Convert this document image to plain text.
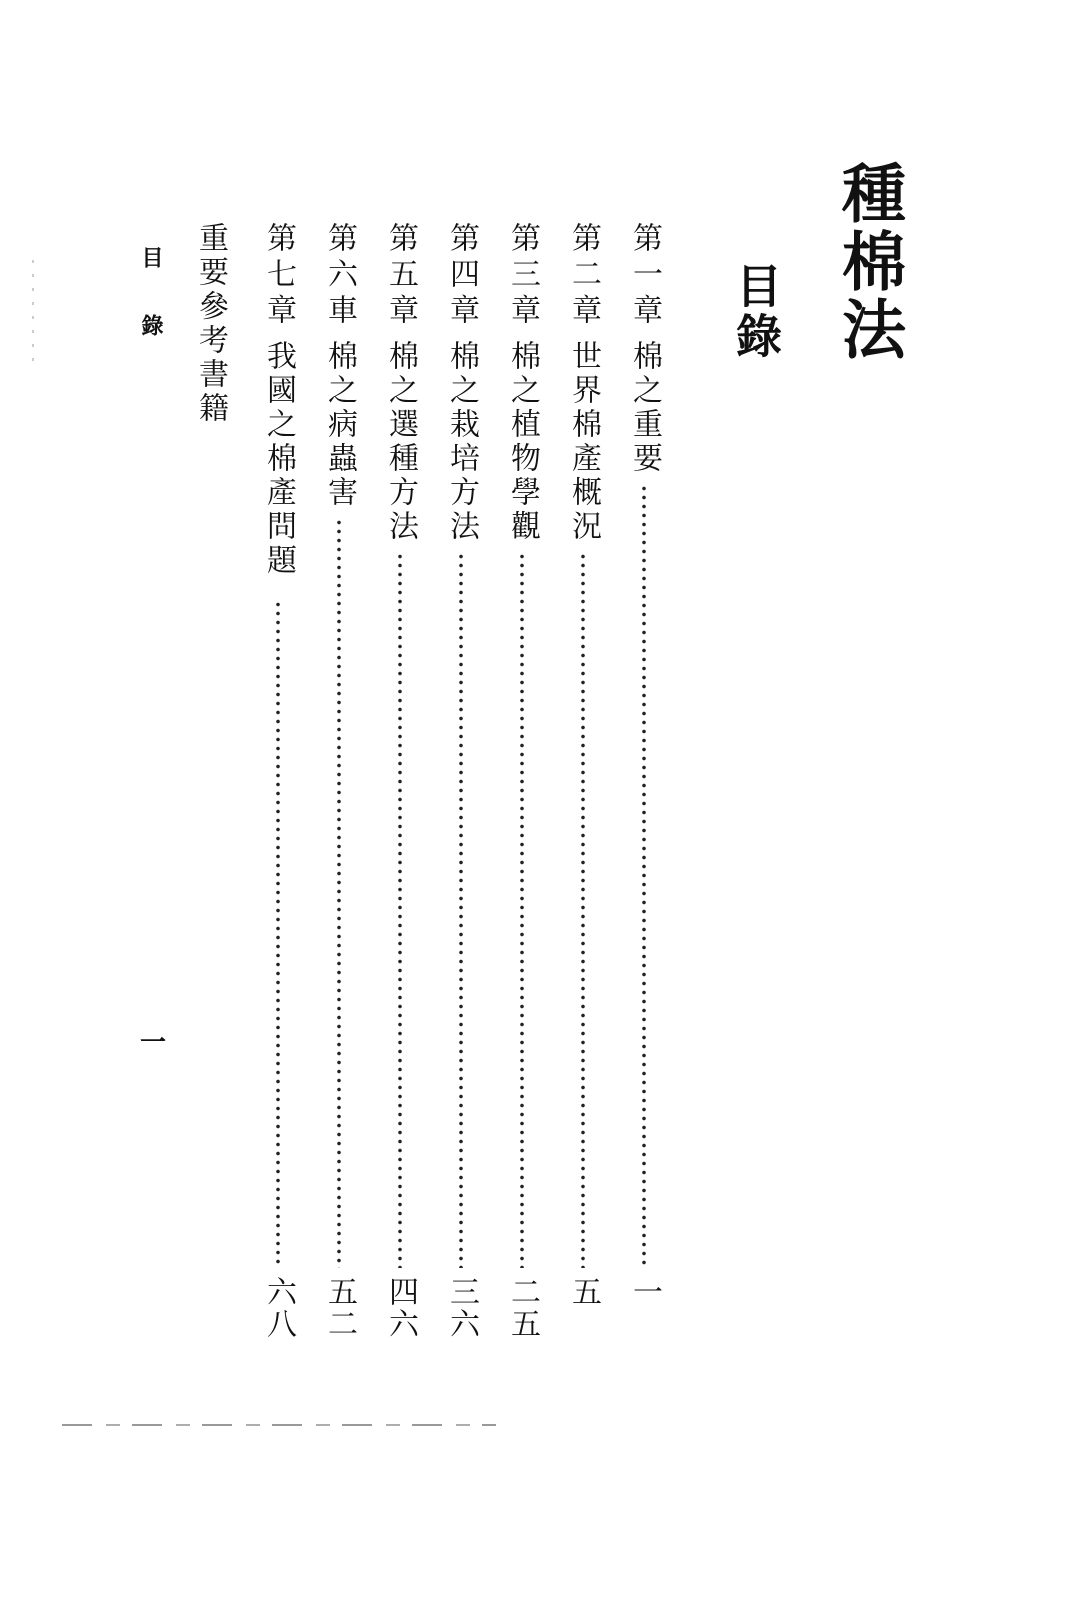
種棉法
目錄
第一章
棉之重要
一
第二章
世界棉產概況
五
第三章
棉之植物學觀
二五
第四章
棉之栽培方法
三六
第五章
棉之選種方法
四六
第六車
棉之病蟲害
五二
第七章
我國之棉產問題
六八
重要參考書籍
目錄
一
